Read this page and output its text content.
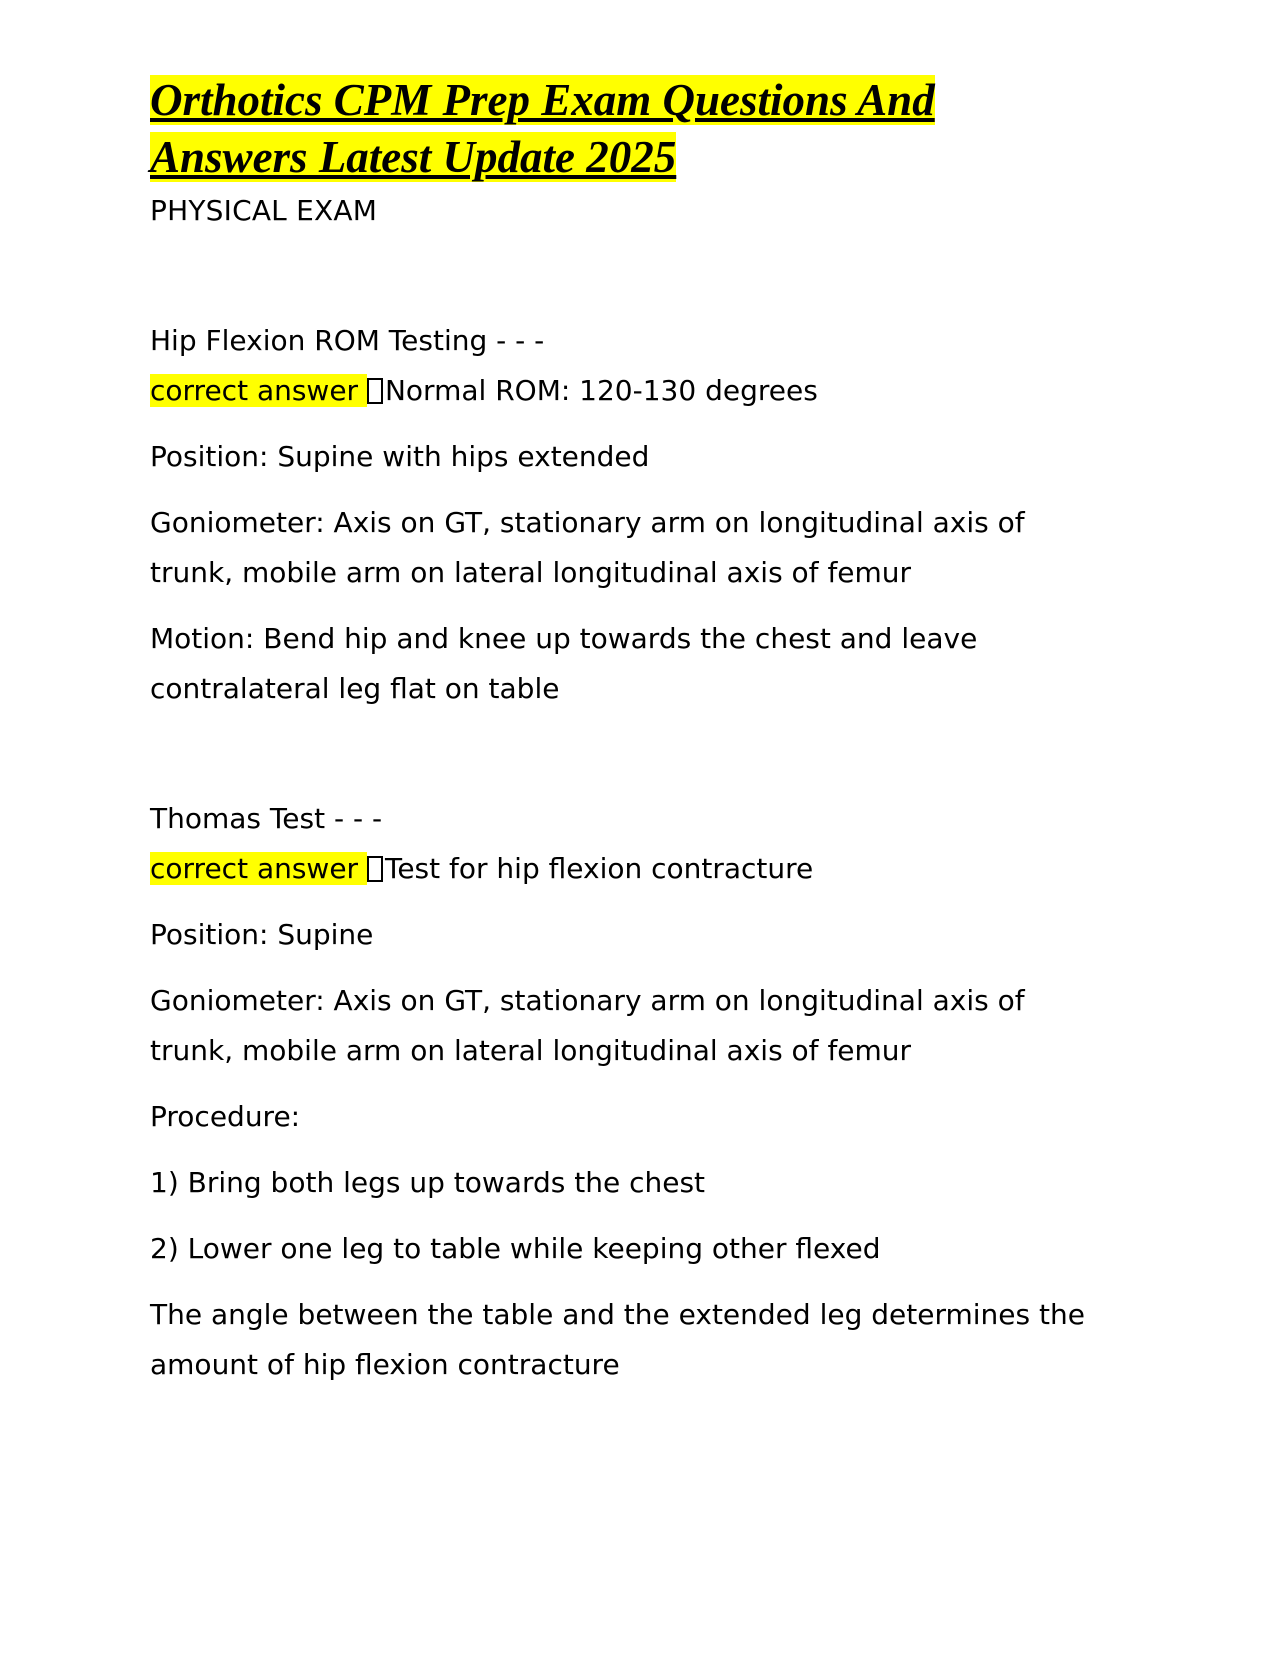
Orthotics CPM Prep Exam Questions And
Answers Latest Update 2025

PHYSICAL EXAM

Hip Flexion ROM Testing - - -

correct answer Normal ROM: 120-130 degrees

Position: Supine with hips extended

Goniometer: Axis on GT, stationary arm on longitudinal axis of trunk, mobile arm on lateral longitudinal axis of femur

Motion: Bend hip and knee up towards the chest and leave contralateral leg flat on table

Thomas Test - - -

correct answer Test for hip flexion contracture

Position: Supine

Goniometer: Axis on GT, stationary arm on longitudinal axis of trunk, mobile arm on lateral longitudinal axis of femur

Procedure:

1) Bring both legs up towards the chest

2) Lower one leg to table while keeping other flexed

The angle between the table and the extended leg determines the amount of hip flexion contracture
